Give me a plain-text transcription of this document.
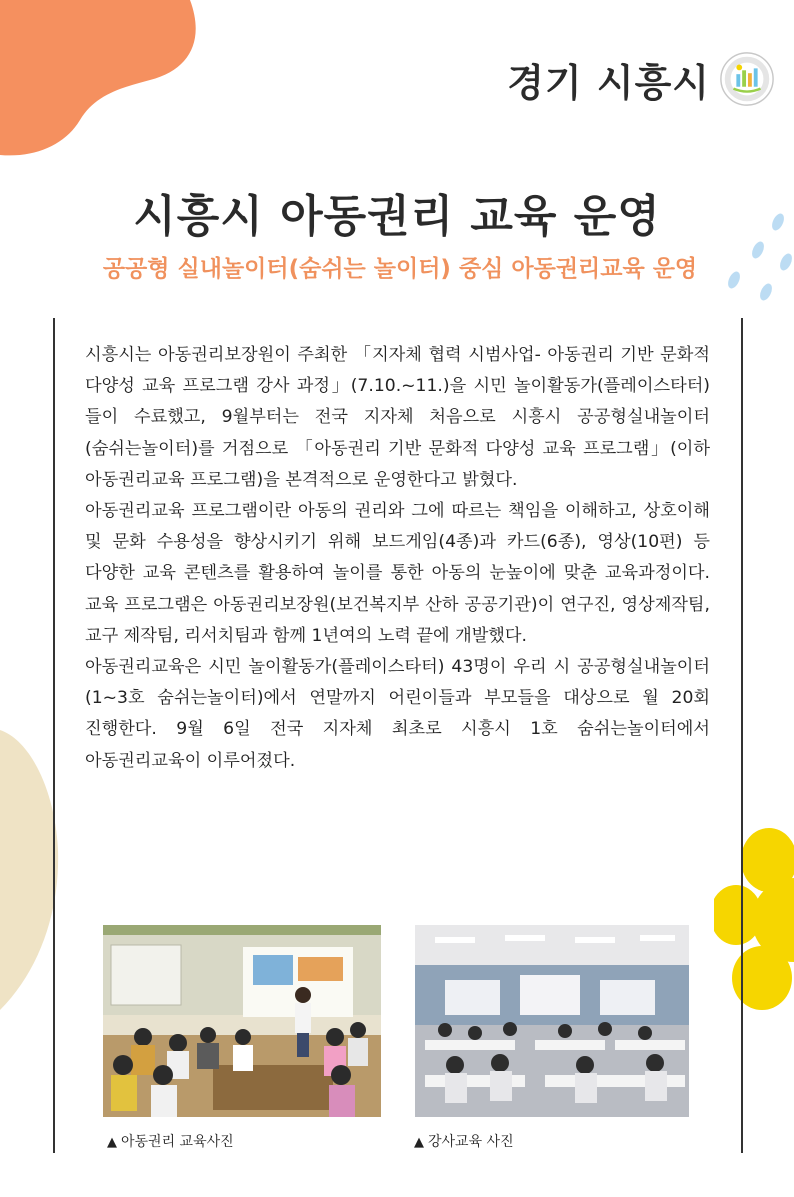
경기 시흥시
시흥시 아동권리 교육 운영
공공형 실내놀이터(숨쉬는 놀이터) 중심 아동권리교육 운영

시흥시는 아동권리보장원이 주최한 「지자체 협력 시범사업- 아동권리 기반 문화적 다양성 교육 프로그램 강사 과정」(7.10.~11.)을 시민 놀이활동가(플레이스타터)들이 수료했고, 9월부터는 전국 지자체 처음으로 시흥시 공공형실내놀이터(숨쉬는놀이터)를 거점으로 「아동권리 기반 문화적 다양성 교육 프로그램」(이하 아동권리교육 프로그램)을 본격적으로 운영한다고 밝혔다.

아동권리교육 프로그램이란 아동의 권리와 그에 따르는 책임을 이해하고, 상호이해 및 문화 수용성을 향상시키기 위해 보드게임(4종)과 카드(6종), 영상(10편) 등 다양한 교육 콘텐츠를 활용하여 놀이를 통한 아동의 눈높이에 맞춘 교육과정이다. 교육 프로그램은 아동권리보장원(보건복지부 산하 공공기관)이 연구진, 영상제작팀, 교구 제작팀, 리서치팀과 함께 1년여의 노력 끝에 개발했다.

아동권리교육은 시민 놀이활동가(플레이스타터) 43명이 우리 시 공공형실내놀이터(1~3호 숨쉬는놀이터)에서 연말까지 어린이들과 부모들을 대상으로 월 20회 진행한다. 9월 6일 전국 지자체 최초로 시흥시 1호 숨쉬는놀이터에서 아동권리교육이 이루어졌다.

▲ 아동권리 교육사진	▲ 강사교육 사진
